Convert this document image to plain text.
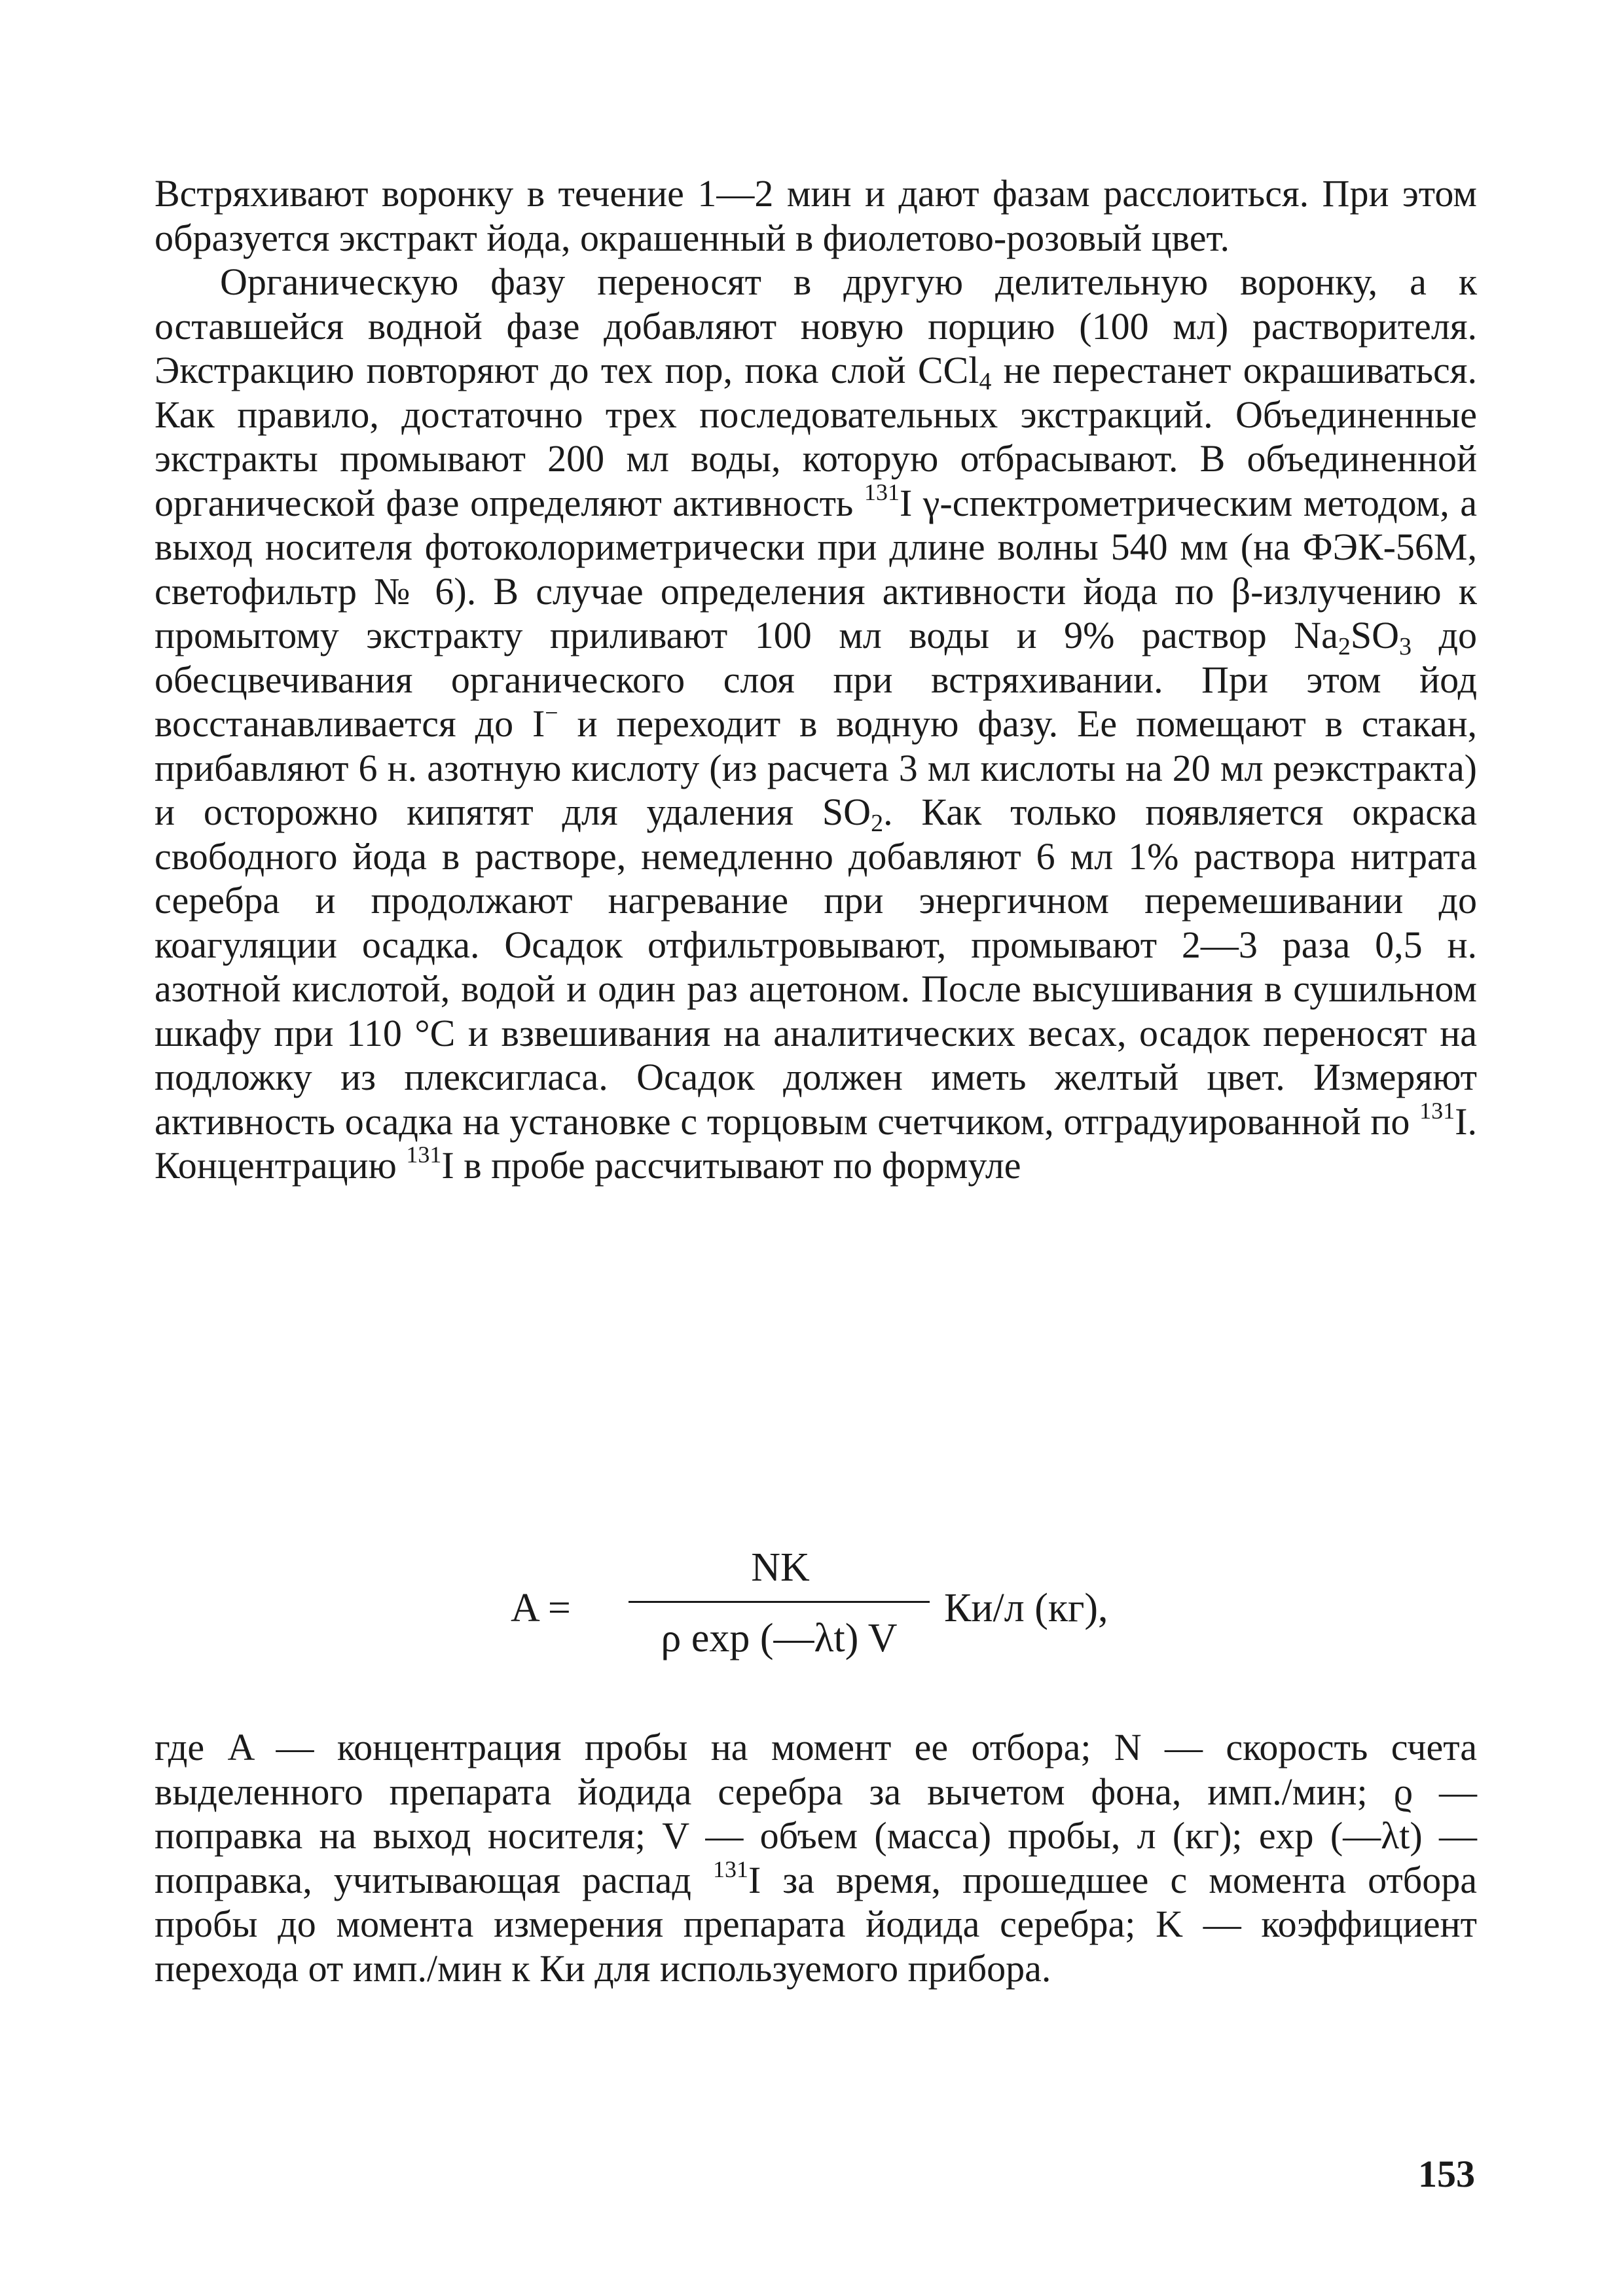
Встряхивают воронку в течение 1—2 мин и дают фазам расслоиться. При этом образуется экстракт йода, окрашенный в фиолетово-розовый цвет.

Органическую фазу переносят в другую делительную воронку, а к оставшейся водной фазе добавляют новую порцию (100 мл) растворителя. Экстракцию повторяют до тех пор, пока слой CCl$_4$ не перестанет окрашиваться. Как правило, достаточно трех последовательных экстракций. Объединенные экстракты промывают 200 мл воды, которую отбрасывают. В объединенной органической фазе определяют активность $^{131}$I γ-спектрометрическим методом, а выход носителя фотоколориметрически при длине волны 540 мм (на ФЭК-56М, светофильтр № 6). В случае определения активности йода по β-излучению к промытому экстракту приливают 100 мл воды и 9% раствор $Na_2SO_3$ до обесцвечивания органического слоя при встряхивании. При этом йод восстанавливается до I− и переходит в водную фазу. Ее помещают в стакан, прибавляют 6 н. азотную кислоту (из расчета 3 мл кислоты на 20 мл реэкстракта) и осторожно кипятят для удаления $SO_2$. Как только появляется окраска свободного йода в растворе, немедленно добавляют 6 мл 1% раствора нитрата серебра и продолжают нагревание при энергичном перемешивании до коагуляции осадка. Осадок отфильтровывают, промывают 2—3 раза 0,5 н. азотной кислотой, водой и один раз ацетоном. После высушивания в сушильном шкафу при 110 °С и взвешивания на аналитических весах, осадок переносят на подложку из плексигласа. Осадок должен иметь желтый цвет. Измеряют активность осадка на установке с торцовым счетчиком, отградуированной по $^{131}$I. Концентрацию $^{131}$I в пробе рассчитывают по формуле

A =
NK
ρ exp (—λt) V
Ки/л (кг),

где A — концентрация пробы на момент ее отбора; N — скорость счета выделенного препарата йодида серебра за вычетом фона, имп./мин; ϱ — поправка на выход носителя; V — объем (масса) пробы, л (кг); exp (—λt) — поправка, учитывающая распад $^{131}$I за время, прошедшее с момента отбора пробы до момента измерения препарата йодида серебра; K — коэффициент перехода от имп./мин к Ки для используемого прибора.

153
